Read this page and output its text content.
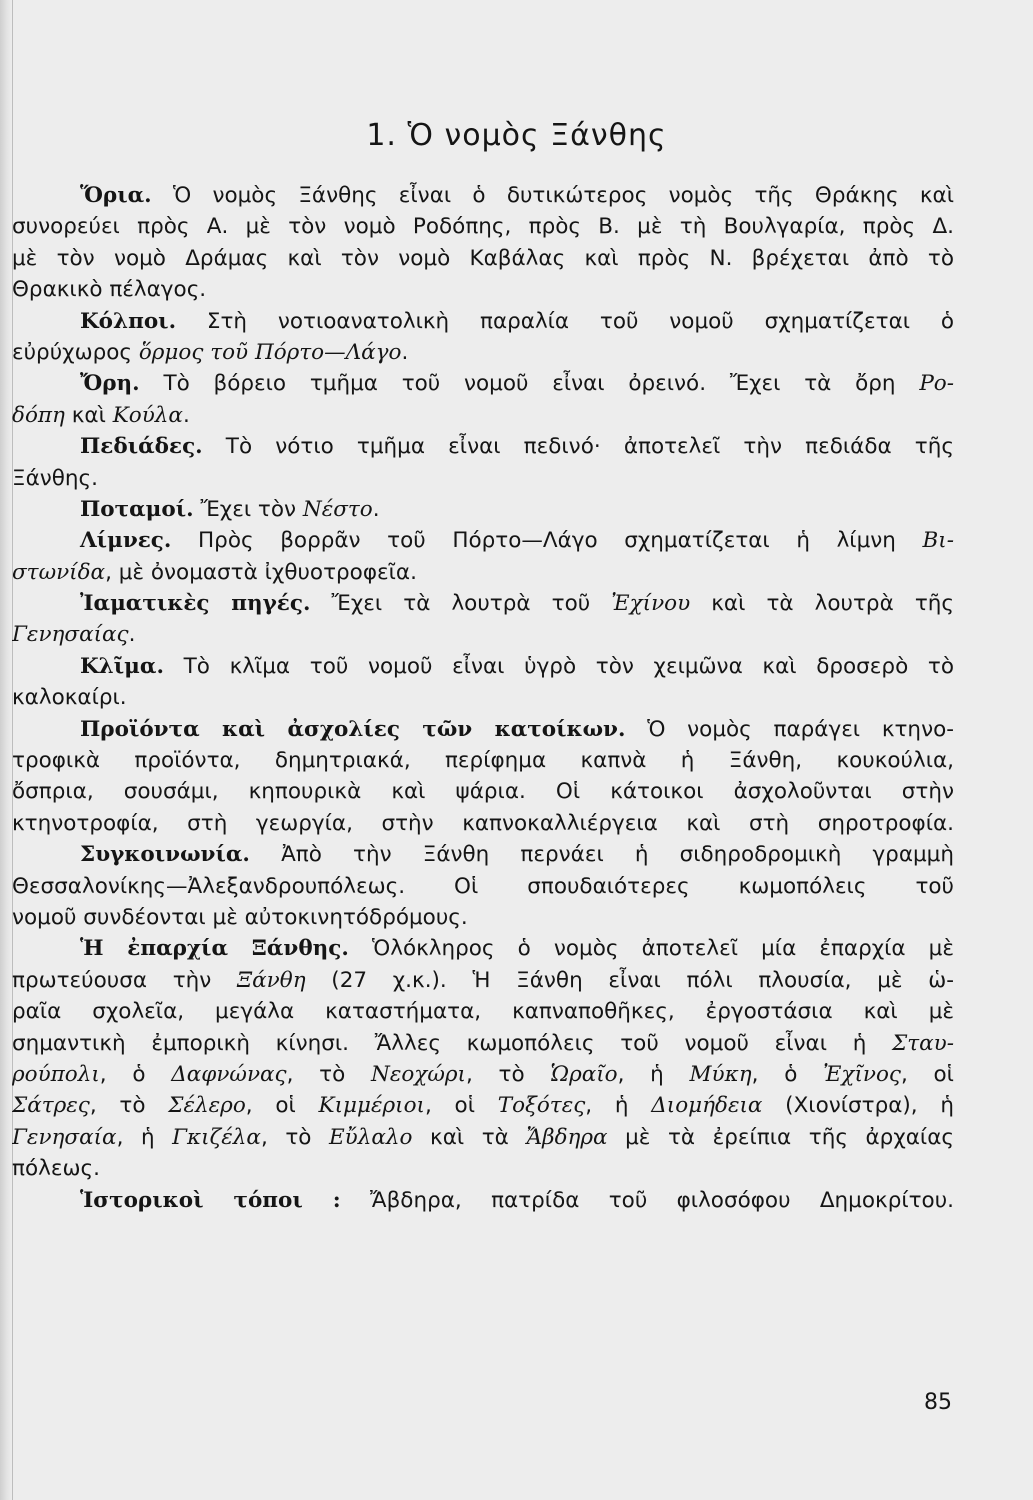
1. Ὁ νομὸς Ξάνθης
Ὅρια. Ὁ νομὸς Ξάνθης εἶναι ὁ δυτικώτερος νομὸς τῆς Θράκης καὶ
συνορεύει πρὸς Α. μὲ τὸν νομὸ Ροδόπης, πρὸς Β. μὲ τὴ Βουλγαρία, πρὸς Δ.
μὲ τὸν νομὸ Δράμας καὶ τὸν νομὸ Καβάλας καὶ πρὸς Ν. βρέχεται ἀπὸ τὸ
Θρακικὸ πέλαγος.
Κόλποι. Στὴ νοτιοανατολικὴ παραλία τοῦ νομοῦ σχηματίζεται ὁ
εὐρύχωρος ὅρμος τοῦ Πόρτο—Λάγο.
Ὄρη. Τὸ βόρειο τμῆμα τοῦ νομοῦ εἶναι ὀρεινό. Ἔχει τὰ ὄρη Ρο-
δόπη καὶ Κούλα.
Πεδιάδες. Τὸ νότιο τμῆμα εἶναι πεδινό· ἀποτελεῖ τὴν πεδιάδα τῆς
Ξάνθης.
Ποταμοί. Ἔχει τὸν Νέστο.
Λίμνες. Πρὸς βορρᾶν τοῦ Πόρτο—Λάγο σχηματίζεται ἡ λίμνη Βι-
στωνίδα, μὲ ὀνομαστὰ ἰχθυοτροφεῖα.
Ἰαματικὲς πηγές. Ἔχει τὰ λουτρὰ τοῦ Ἐχίνου καὶ τὰ λουτρὰ τῆς
Γενησαίας.
Κλῖμα. Τὸ κλῖμα τοῦ νομοῦ εἶναι ὑγρὸ τὸν χειμῶνα καὶ δροσερὸ τὸ
καλοκαίρι.
Προϊόντα καὶ ἀσχολίες τῶν κατοίκων. Ὁ νομὸς παράγει κτηνο-
τροφικὰ προϊόντα, δημητριακά, περίφημα καπνὰ ἡ Ξάνθη, κουκούλια,
ὄσπρια, σουσάμι, κηπουρικὰ καὶ ψάρια. Οἱ κάτοικοι ἀσχολοῦνται στὴν
κτηνοτροφία, στὴ γεωργία, στὴν καπνοκαλλιέργεια καὶ στὴ σηροτροφία.
Συγκοινωνία. Ἀπὸ τὴν Ξάνθη περνάει ἡ σιδηροδρομικὴ γραμμὴ
Θεσσαλονίκης—Ἀλεξανδρουπόλεως. Οἱ σπουδαιότερες κωμοπόλεις τοῦ
νομοῦ συνδέονται μὲ αὐτοκινητόδρόμους.
Ἡ ἐπαρχία Ξάνθης. Ὁλόκληρος ὁ νομὸς ἀποτελεῖ μία ἐπαρχία μὲ
πρωτεύουσα τὴν Ξάνθη (27 χ.κ.). Ἡ Ξάνθη εἶναι πόλι πλουσία, μὲ ὡ-
ραῖα σχολεῖα, μεγάλα καταστήματα, καπναποθῆκες, ἐργοστάσια καὶ μὲ
σημαντικὴ ἐμπορικὴ κίνησι. Ἄλλες κωμοπόλεις τοῦ νομοῦ εἶναι ἡ Σταυ-
ρούπολι, ὁ Δαφνώνας, τὸ Νεοχώρι, τὸ Ὡραῖο, ἡ Μύκη, ὁ Ἐχῖνος, οἱ
Σάτρες, τὸ Σέλερο, οἱ Κιμμέριοι, οἱ Τοξότες, ἡ Διομήδεια (Χιονίστρα), ἡ
Γενησαία, ἡ Γκιζέλα, τὸ Εὔλαλο καὶ τὰ Ἄβδηρα μὲ τὰ ἐρείπια τῆς ἀρχαίας
πόλεως.
Ἱστορικοὶ τόποι : Ἄβδηρα, πατρίδα τοῦ φιλοσόφου Δημοκρίτου.
85
